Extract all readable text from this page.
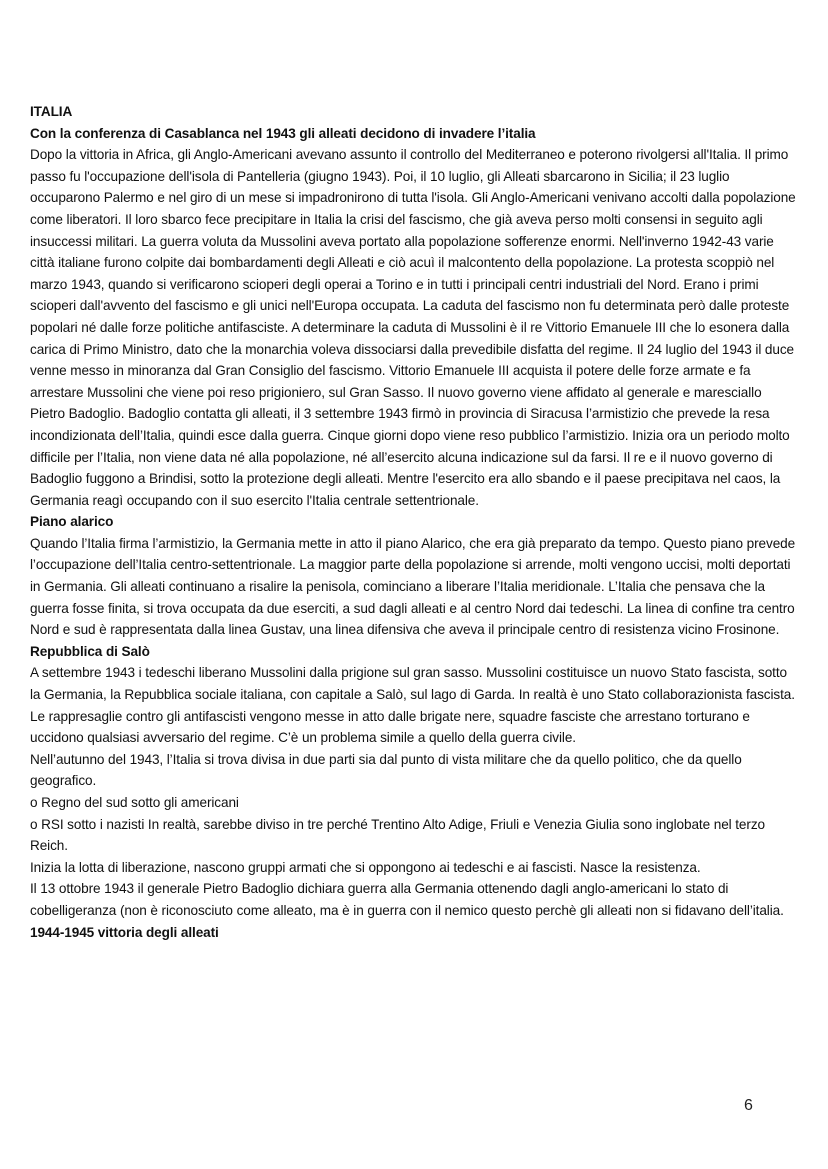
ITALIA

Con la conferenza di Casablanca nel 1943 gli alleati decidono di invadere l’italia

Dopo la vittoria in Africa, gli Anglo-Americani avevano assunto il controllo del Mediterraneo e poterono rivolgersi all'Italia. Il primo passo fu l'occupazione dell'isola di Pantelleria (giugno 1943). Poi, il 10 luglio, gli Alleati sbarcarono in Sicilia; il 23 luglio occuparono Palermo e nel giro di un mese si impadronirono di tutta l'isola. Gli Anglo-Americani venivano accolti dalla popolazione come liberatori. Il loro sbarco fece precipitare in Italia la crisi del fascismo, che già aveva perso molti consensi in seguito agli insuccessi militari. La guerra voluta da Mussolini aveva portato alla popolazione sofferenze enormi. Nell'inverno 1942-43 varie città italiane furono colpite dai bombardamenti degli Alleati e ciò acuì il malcontento della popolazione. La protesta scoppiò nel marzo 1943, quando si verificarono scioperi degli operai a Torino e in tutti i principali centri industriali del Nord. Erano i primi scioperi dall'avvento del fascismo e gli unici nell'Europa occupata. La caduta del fascismo non fu determinata però dalle proteste popolari né dalle forze politiche antifasciste. A determinare la caduta di Mussolini è il re Vittorio Emanuele III che lo esonera dalla carica di Primo Ministro, dato che la monarchia voleva dissociarsi dalla prevedibile disfatta del regime. Il 24 luglio del 1943 il duce venne messo in minoranza dal Gran Consiglio del fascismo. Vittorio Emanuele III acquista il potere delle forze armate e fa arrestare Mussolini che viene poi reso prigioniero, sul Gran Sasso. Il nuovo governo viene affidato al generale e maresciallo Pietro Badoglio. Badoglio contatta gli alleati, il 3 settembre 1943 firmò in provincia di Siracusa l’armistizio che prevede la resa incondizionata dell’Italia, quindi esce dalla guerra. Cinque giorni dopo viene reso pubblico l’armistizio. Inizia ora un periodo molto difficile per l’Italia, non viene data né alla popolazione, né all’esercito alcuna indicazione sul da farsi. Il re e il nuovo governo di Badoglio fuggono a Brindisi, sotto la protezione degli alleati. Mentre l'esercito era allo sbando e il paese precipitava nel caos, la Germania reagì occupando con il suo esercito l'Italia centrale settentrionale.

Piano alarico

Quando l’Italia firma l’armistizio, la Germania mette in atto il piano Alarico, che era già preparato da tempo. Questo piano prevede l’occupazione dell’Italia centro-settentrionale. La maggior parte della popolazione si arrende, molti vengono uccisi, molti deportati in Germania. Gli alleati continuano a risalire la penisola, cominciano a liberare l’Italia meridionale. L’Italia che pensava che la guerra fosse finita, si trova occupata da due eserciti, a sud dagli alleati e al centro Nord dai tedeschi. La linea di confine tra centro Nord e sud è rappresentata dalla linea Gustav, una linea difensiva che aveva il principale centro di resistenza vicino Frosinone.

Repubblica di Salò

A settembre 1943 i tedeschi liberano Mussolini dalla prigione sul gran sasso. Mussolini costituisce un nuovo Stato fascista, sotto la Germania, la Repubblica sociale italiana, con capitale a Salò, sul lago di Garda. In realtà è uno Stato collaborazionista fascista.

Le rappresaglie contro gli antifascisti vengono messe in atto dalle brigate nere, squadre fasciste che arrestano torturano e uccidono qualsiasi avversario del regime. C’è un problema simile a quello della guerra civile.

Nell’autunno del 1943, l’Italia si trova divisa in due parti sia dal punto di vista militare che da quello politico, che da quello geografico.

o Regno del sud sotto gli americani

o RSI sotto i nazisti In realtà, sarebbe diviso in tre perché Trentino Alto Adige, Friuli e Venezia Giulia sono inglobate nel terzo Reich.

Inizia la lotta di liberazione, nascono gruppi armati che si oppongono ai tedeschi e ai fascisti. Nasce la resistenza.

Il 13 ottobre 1943 il generale Pietro Badoglio dichiara guerra alla Germania ottenendo dagli anglo-americani lo stato di cobelligeranza (non è riconosciuto come alleato, ma è in guerra con il nemico questo perchè gli alleati non si fidavano dell’italia.

1944-1945 vittoria degli alleati

6
